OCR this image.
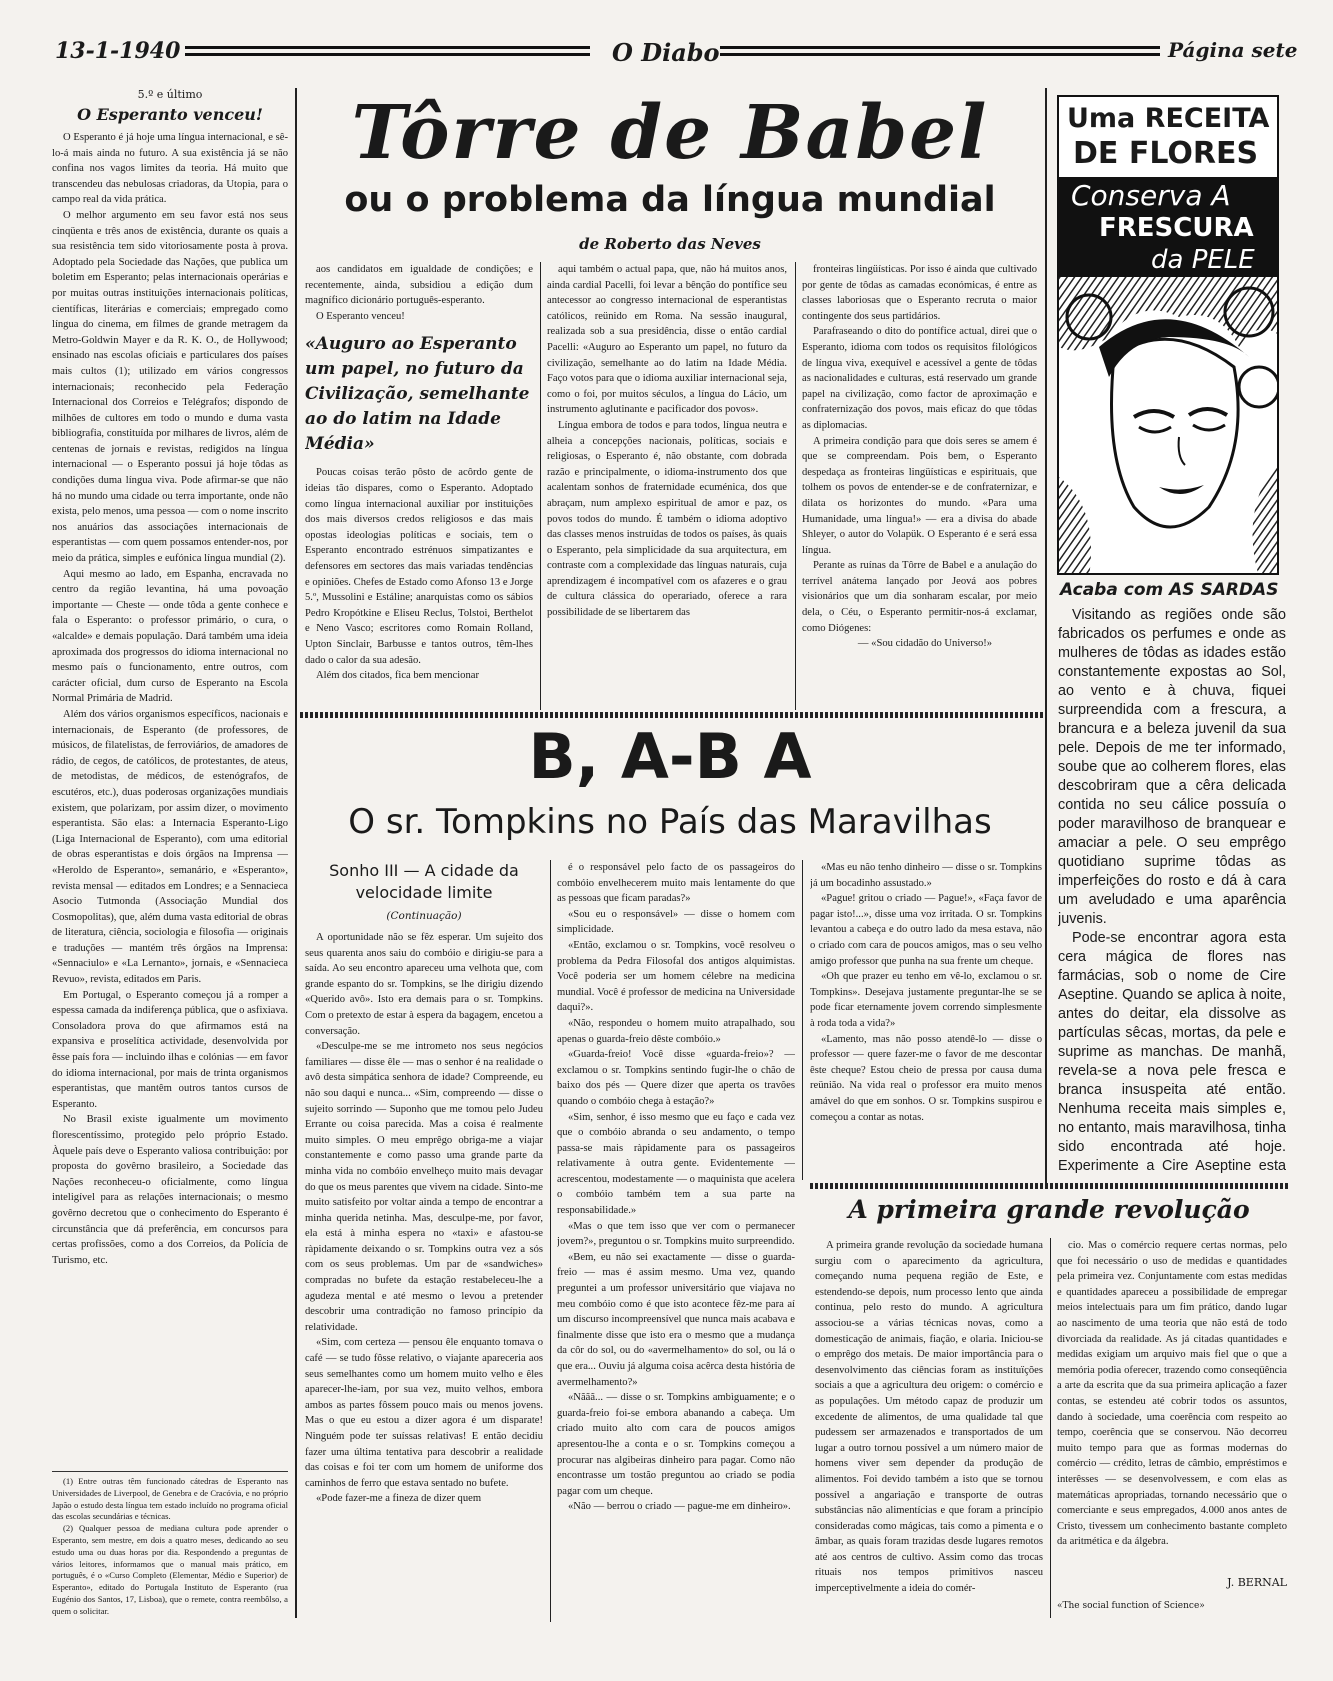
13-1-1940	O Diabo	Página sete
5.º e último
O Esperanto venceu!

O Esperanto é já hoje uma língua internacional, e sê-lo-á mais ainda no futuro. A sua existência já se não confina nos vagos limites da teoria. Há muito que transcendeu das nebulosas criadoras, da Utopia, para o campo real da vida prática.

O melhor argumento em seu favor está nos seus cinqüenta e três anos de existência, durante os quais a sua resistência tem sido vitoriosamente posta à prova. Adoptado pela Sociedade das Nações, que publica um boletim em Esperanto; pelas internacionais operárias e por muitas outras instituições internacionais políticas, científicas, literárias e comerciais; empregado como língua do cinema, em filmes de grande metragem da Metro-Goldwin Mayer e da R. K. O., de Hollywood; ensinado nas escolas oficiais e particulares dos países mais cultos (1); utilizado em vários congressos internacionais; reconhecido pela Federação Internacional dos Correios e Telégrafos; dispondo de milhões de cultores em todo o mundo e duma vasta bibliografia, constituída por milhares de livros, além de centenas de jornais e revistas, redigidos na língua internacional — o Esperanto possui já hoje tôdas as condições duma língua viva. Pode afirmar-se que não há no mundo uma cidade ou terra importante, onde não exista, pelo menos, uma pessoa — com o nome inscrito nos anuários das associações internacionais de esperantistas — com quem possamos entender-nos, por meio da prática, simples e eufónica língua mundial (2).

Aqui mesmo ao lado, em Espanha, encravada no centro da região levantina, há uma povoação importante — Cheste — onde tôda a gente conhece e fala o Esperanto: o professor primário, o cura, o «alcalde» e demais população. Dará também uma ideia aproximada dos progressos do idioma internacional no mesmo país o funcionamento, entre outros, com carácter oficial, dum curso de Esperanto na Escola Normal Primária de Madrid.

Além dos vários organismos específicos, nacionais e internacionais, de Esperanto (de professores, de músicos, de filatelistas, de ferroviários, de amadores de rádio, de cegos, de católicos, de protestantes, de ateus, de metodistas, de médicos, de estenógrafos, de escutéros, etc.), duas poderosas organizações mundiais existem, que polarizam, por assim dizer, o movimento esperantista. São elas: a Internacia Esperanto-Ligo (Liga Internacional de Esperanto), com uma editorial de obras esperantistas e dois órgãos na Imprensa — «Heroldo de Esperanto», semanário, e «Esperanto», revista mensal — editados em Londres; e a Sennacieca Asocio Tutmonda (Associação Mundial dos Cosmopolitas), que, além duma vasta editorial de obras de literatura, ciência, sociologia e filosofia — originais e traduções — mantém três órgãos na Imprensa: «Sennaciulo» e «La Lernanto», jornais, e «Sennacieca Revuo», revista, editados em Paris.

Em Portugal, o Esperanto começou já a romper a espessa camada da indiferença pública, que o asfixiava. Consoladora prova do que afirmamos está na expansiva e proselítica actividade, desenvolvida por êsse país fora — incluindo ilhas e colónias — em favor do idioma internacional, por mais de trinta organismos esperantistas, que mantêm outros tantos cursos de Esperanto.

No Brasil existe igualmente um movimento florescentíssimo, protegido pelo próprio Estado. Àquele país deve o Esperanto valiosa contribuição: por proposta do govêrno brasileiro, a Sociedade das Nações reconheceu-o oficialmente, como língua inteligível para as relações internacionais; o mesmo govêrno decretou que o conhecimento do Esperanto é circunstância que dá preferência, em concursos para certas profissões, como a dos Correios, da Polícia de Turismo, etc.

(1) Entre outras têm funcionado cátedras de Esperanto nas Universidades de Liverpool, de Genebra e de Cracóvia, e no próprio Japão o estudo desta língua tem estado incluído no programa oficial das escolas secundárias e técnicas.

(2) Qualquer pessoa de mediana cultura pode aprender o Esperanto, sem mestre, em dois a quatro meses, dedicando ao seu estudo uma ou duas horas por dia. Respondendo a preguntas de vários leitores, informamos que o manual mais prático, em português, é o «Curso Completo (Elementar, Médio e Superior) de Esperanto», editado do Portugala Instituto de Esperanto (rua Eugénio dos Santos, 17, Lisboa), que o remete, contra reembôlso, a quem o solicitar.

Tôrre de Babel
ou o problema da língua mundial
de Roberto das Neves

aos candidatos em igualdade de condições; e recentemente, ainda, subsidiou a edição dum magnífico dicionário português-esperanto.

O Esperanto venceu!

«Auguro ao Esperanto um papel, no futuro da Civilização, semelhante ao do latim na Idade Média»

Poucas coisas terão pôsto de acôrdo gente de ideias tão dispares, como o Esperanto. Adoptado como língua internacional auxiliar por instituições dos mais diversos credos religiosos e das mais opostas ideologias políticas e sociais, tem o Esperanto encontrado estrénuos simpatizantes e defensores em sectores das mais variadas tendências e opiniões. Chefes de Estado como Afonso 13 e Jorge 5.º, Mussolini e Estáline; anarquistas como os sábios Pedro Kropótkine e Eliseu Reclus, Tolstoi, Berthelot e Neno Vasco; escritores como Romain Rolland, Upton Sinclair, Barbusse e tantos outros, têm-lhes dado o calor da sua adesão.

Além dos citados, fica bem mencionar

aqui também o actual papa, que, não há muitos anos, ainda cardial Pacelli, foi levar a bênção do pontífice seu antecessor ao congresso internacional de esperantistas católicos, reünido em Roma. Na sessão inaugural, realizada sob a sua presidência, disse o então cardial Pacelli: «Auguro ao Esperanto um papel, no futuro da civilização, semelhante ao do latim na Idade Média. Faço votos para que o idioma auxiliar internacional seja, como o foi, por muitos séculos, a língua do Lácio, um instrumento aglutinante e pacificador dos povos».

Língua embora de todos e para todos, língua neutra e alheia a concepções nacionais, políticas, sociais e religiosas, o Esperanto é, não obstante, com dobrada razão e principalmente, o idioma-instrumento dos que acalentam sonhos de fraternidade ecuménica, dos que abraçam, num amplexo espiritual de amor e paz, os povos todos do mundo. É também o idioma adoptivo das classes menos instruídas de todos os países, às quais o Esperanto, pela simplicidade da sua arquitectura, em contraste com a complexidade das línguas naturais, cuja aprendizagem é incompatível com os afazeres e o grau de cultura clássica do operariado, oferece a rara possibilidade de se libertarem das

fronteiras lingüísticas. Por isso é ainda que cultivado por gente de tôdas as camadas económicas, é entre as classes laboriosas que o Esperanto recruta o maior contingente dos seus partidários.

Parafraseando o dito do pontífice actual, direi que o Esperanto, idioma com todos os requisitos filológicos de língua viva, exequível e acessível a gente de tôdas as nacionalidades e culturas, está reservado um grande papel na civilização, como factor de aproximação e confraternização dos povos, mais eficaz do que tôdas as diplomacias.

A primeira condição para que dois seres se amem é que se compreendam. Pois bem, o Esperanto despedaça as fronteiras lingüísticas e espirituais, que tolhem os povos de entender-se e de confraternizar, e dilata os horizontes do mundo. «Para uma Humanidade, uma língua!» — era a divisa do abade Shleyer, o autor do Volapük. O Esperanto é e será essa língua.

Perante as ruínas da Tôrre de Babel e a anulação do terrível anátema lançado por Jeová aos pobres visionários que um dia sonharam escalar, por meio dela, o Céu, o Esperanto permitir-nos-á exclamar, como Diógenes:

— «Sou cidadão do Universo!»

B, A-B A
O sr. Tompkins no País das Maravilhas
Sonho III — A cidade da velocidade limite
(Continuação)

A oportunidade não se fêz esperar. Um sujeito dos seus quarenta anos saiu do combóio e dirigiu-se para a saída. Ao seu encontro apareceu uma velhota que, com grande espanto do sr. Tompkins, se lhe dirigiu dizendo «Querido avô». Isto era demais para o sr. Tompkins. Com o pretexto de estar à espera da bagagem, encetou a conversação.

«Desculpe-me se me intrometo nos seus negócios familiares — disse êle — mas o senhor é na realidade o avô desta simpática senhora de idade? Compreende, eu não sou daqui e nunca... «Sim, compreendo — disse o sujeito sorrindo — Suponho que me tomou pelo Judeu Errante ou coisa parecida. Mas a coisa é realmente muito simples. O meu emprêgo obriga-me a viajar constantemente e como passo uma grande parte da minha vida no combóio envelheço muito mais devagar do que os meus parentes que vivem na cidade. Sinto-me muito satisfeito por voltar ainda a tempo de encontrar a minha querida netinha. Mas, desculpe-me, por favor, ela está à minha espera no «taxi» e afastou-se ràpidamente deixando o sr. Tompkins outra vez a sós com os seus problemas. Um par de «sandwiches» compradas no bufete da estação restabeleceu-lhe a agudeza mental e até mesmo o levou a pretender descobrir uma contradição no famoso princípio da relatividade.

«Sim, com certeza — pensou êle enquanto tomava o café — se tudo fôsse relativo, o viajante apareceria aos seus semelhantes como um homem muito velho e êles aparecer-lhe-iam, por sua vez, muito velhos, embora ambos as partes fôssem pouco mais ou menos jovens. Mas o que eu estou a dizer agora é um disparate! Ninguém pode ter suíssas relativas! E então decidiu fazer uma última tentativa para descobrir a realidade das coisas e foi ter com um homem de uniforme dos caminhos de ferro que estava sentado no bufete.

«Pode fazer-me a fineza de dizer quem

é o responsável pelo facto de os passageiros do combóio envelhecerem muito mais lentamente do que as pessoas que ficam paradas?»

«Sou eu o responsável» — disse o homem com simplicidade.

«Então, exclamou o sr. Tompkins, você resolveu o problema da Pedra Filosofal dos antigos alquimistas. Você poderia ser um homem célebre na medicina mundial. Você é professor de medicina na Universidade daqui?».

«Não, respondeu o homem muito atrapalhado, sou apenas o guarda-freio dêste combóio.»

«Guarda-freio! Você disse «guarda-freio»? — exclamou o sr. Tompkins sentindo fugir-lhe o chão de baixo dos pés — Quere dizer que aperta os travões quando o combóio chega à estação?»

«Sim, senhor, é isso mesmo que eu faço e cada vez que o combóio abranda o seu andamento, o tempo passa-se mais ràpidamente para os passageiros relativamente à outra gente. Evidentemente — acrescentou, modestamente — o maquinista que acelera o combóio também tem a sua parte na responsabilidade.»

«Mas o que tem isso que ver com o permanecer jovem?», preguntou o sr. Tompkins muito surpreendido.

«Bem, eu não sei exactamente — disse o guarda-freio — mas é assim mesmo. Uma vez, quando preguntei a um professor universitário que viajava no meu combóio como é que isto acontece fêz-me para aí um discurso incompreensível que nunca mais acabava e finalmente disse que isto era o mesmo que a mudança da côr do sol, ou do «avermelhamento» do sol, ou lá o que era... Ouviu já alguma coisa acêrca desta história de avermelhamento?»

«Nããã... — disse o sr. Tompkins ambìguamente; e o guarda-freio foi-se embora abanando a cabeça. Um criado muito alto com cara de poucos amigos apresentou-lhe a conta e o sr. Tompkins começou a procurar nas algibeiras dinheiro para pagar. Como não encontrasse um tostão preguntou ao criado se podia pagar com um cheque.

«Não — berrou o criado — pague-me em dinheiro».

«Mas eu não tenho dinheiro — disse o sr. Tompkins já um bocadinho assustado.»

«Pague! gritou o criado — Pague!», «Faça favor de pagar isto!...», disse uma voz irritada. O sr. Tompkins levantou a cabeça e do outro lado da mesa estava, não o criado com cara de poucos amigos, mas o seu velho amigo professor que punha na sua frente um cheque.

«Oh que prazer eu tenho em vê-lo, exclamou o sr. Tompkins». Desejava justamente preguntar-lhe se se pode ficar eternamente jovem correndo simplesmente à roda toda a vida?»

«Lamento, mas não posso atendê-lo — disse o professor — quere fazer-me o favor de me descontar êste cheque? Estou cheio de pressa por causa duma reünião. Na vida real o professor era muito menos amável do que em sonhos. O sr. Tompkins suspirou e começou a contar as notas.

Uma RECEITA
DE FLORES
Conserva A
FRESCURA
da PELE
Acaba com AS SARDAS

Visitando as regiões onde são fabricados os perfumes e onde as mulheres de tôdas as idades estão constantemente expostas ao Sol, ao vento e à chuva, fiquei surpreendida com a frescura, a brancura e a beleza juvenil da sua pele. Depois de me ter informado, soube que ao colherem flores, elas descobriram que a cêra delicada contida no seu cálice possuía o poder maravilhoso de branquear e amaciar a pele. O seu emprêgo quotidiano suprime tôdas as imperfeições do rosto e dá à cara um aveludado e uma aparência juvenis.

Pode-se encontrar agora esta cera mágica de flores nas farmácias, sob o nome de Cire Aseptine. Quando se aplica à noite, antes do deitar, ela dissolve as partículas sêcas, mortas, da pele e suprime as manchas. De manhã, revela-se a nova pele fresca e branca insuspeita até então. Nenhuma receita mais simples e, no entanto, mais maravilhosa, tinha sido encontrada até hoje. Experimente a Cire Aseptine esta

A primeira grande revolução

A primeira grande revolução da sociedade humana surgiu com o aparecimento da agricultura, começando numa pequena região de Este, e estendendo-se depois, num processo lento que ainda continua, pelo resto do mundo. A agricultura associou-se a várias técnicas novas, como a domesticação de animais, fiação, e olaria. Iniciou-se o emprêgo dos metais. De maior importância para o desenvolvimento das ciências foram as instituïções sociais a que a agricultura deu origem: o comércio e as populações. Um método capaz de produzir um excedente de alimentos, de uma qualidade tal que pudessem ser armazenados e transportados de um lugar a outro tornou possível a um número maior de homens viver sem depender da produção de alimentos. Foi devido também a isto que se tornou possível a angariação e transporte de outras substâncias não alimentícias e que foram a princípio consideradas como mágicas, tais como a pimenta e o âmbar, as quais foram trazidas desde lugares remotos até aos centros de cultivo. Assim como das trocas rituais nos tempos primitivos nasceu imperceptìvelmente a ideia do comér-

cio. Mas o comércio requere certas normas, pelo que foi necessário o uso de medidas e quantidades pela primeira vez. Conjuntamente com estas medidas e quantidades apareceu a possibilidade de empregar meios intelectuais para um fim prático, dando lugar ao nascimento de uma teoria que não está de todo divorciada da realidade. As já citadas quantidades e medidas exigiam um arquivo mais fiel que o que a memória podia oferecer, trazendo como conseqüência a arte da escrita que da sua primeira aplicação a fazer contas, se estendeu até cobrir todos os assuntos, dando à sociedade, uma coerência com respeito ao tempo, coerência que se conservou. Não decorreu muito tempo para que as formas modernas do comércio — crédito, letras de câmbio, empréstimos e interêsses — se desenvolvessem, e com elas as matemáticas apropriadas, tornando necessário que o comerciante e seus empregados, 4.000 anos antes de Cristo, tivessem um conhecimento bastante completo da aritmética e da álgebra.

J. BERNAL
«The social function of Science»
